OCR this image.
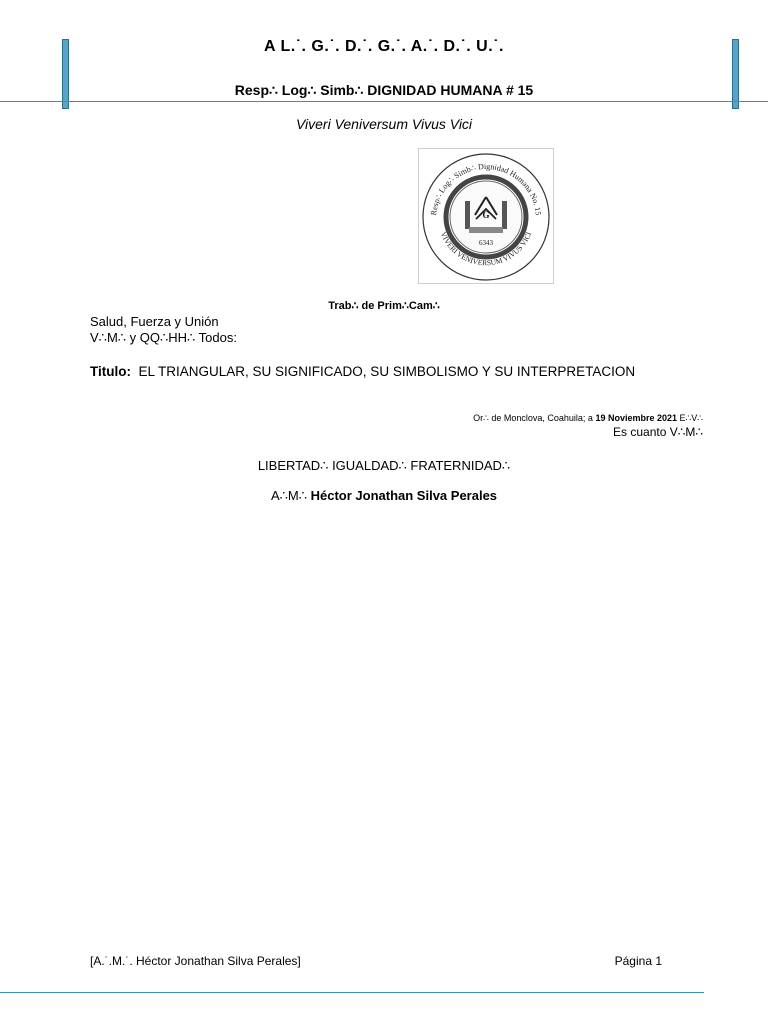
A L.˙. G.˙. D.˙. G.˙. A.˙. D.˙. U.˙.
Resp∴ Log∴ Simb∴ DIGNIDAD HUMANA # 15
Viveri Veniversum Vivus Vici
Resp∴ Log∴ Simb∴ Dignidad Humana No. 15
VIVERI VENIVERSUM VIVUS VICI
G
6343
Trab∴ de Prim∴Cam∴
Salud, Fuerza y Unión
V∴M∴ y QQ∴HH∴ Todos:
Titulo: EL TRIANGULAR, SU SIGNIFICADO, SU SIMBOLISMO Y SU INTERPRETACION
Or∴ de Monclova, Coahuila; a 19 Noviembre 2021 E∴V∴
Es cuanto V∴M∴
LIBERTAD∴ IGUALDAD∴ FRATERNIDAD∴
A∴M∴ Héctor Jonathan Silva Perales
[A.˙.M.˙. Héctor Jonathan Silva Perales]	Página 1
